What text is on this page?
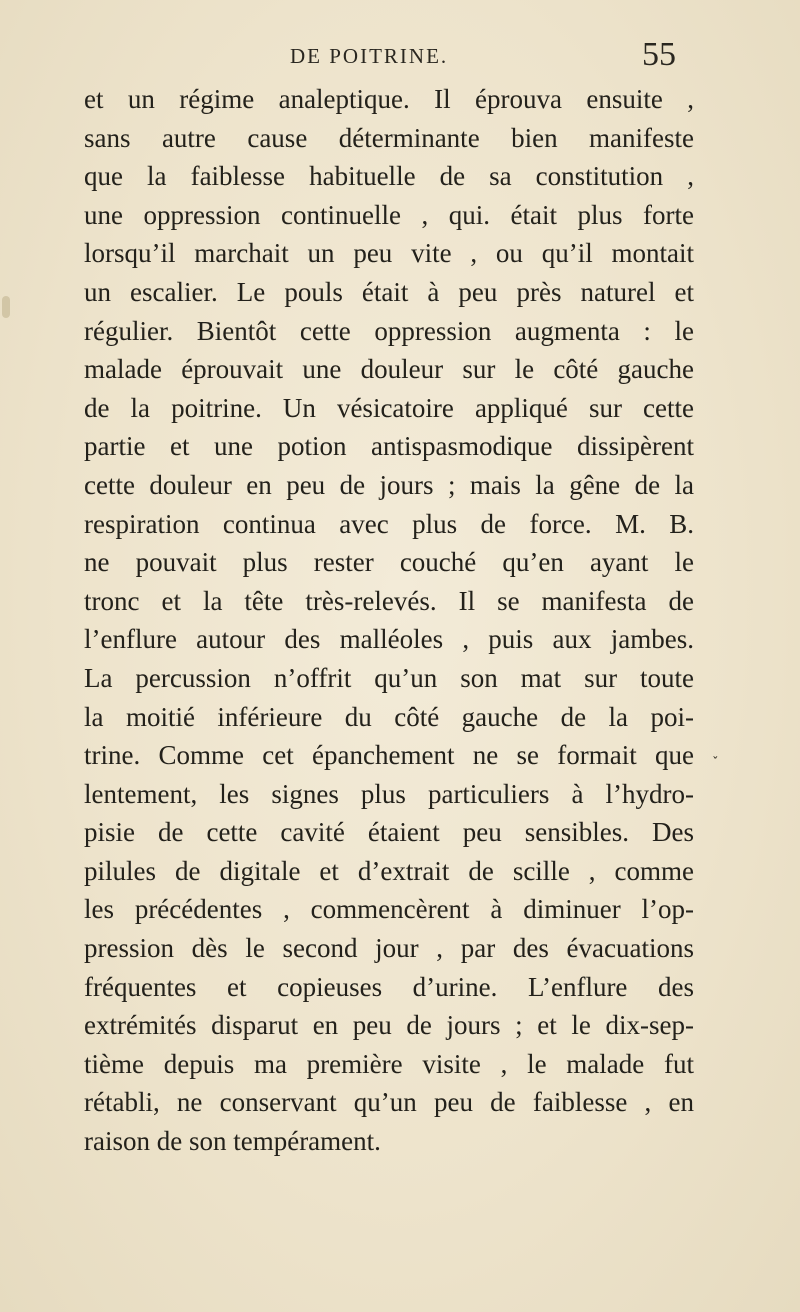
DE POITRINE.	55
˯
et un régime analeptique. Il éprouva ensuite ,
sans autre cause déterminante bien manifeste
que la faiblesse habituelle de sa constitution ,
une oppression continuelle , qui. était plus forte
lorsqu’il marchait un peu vite , ou qu’il montait
un escalier. Le pouls était à peu près naturel et
régulier. Bientôt cette oppression augmenta : le
malade éprouvait une douleur sur le côté gauche
de la poitrine. Un vésicatoire appliqué sur cette
partie et une potion antispasmodique dissipèrent
cette douleur en peu de jours ; mais la gêne de la
respiration continua avec plus de force. M. B.
ne pouvait plus rester couché qu’en ayant le
tronc et la tête très-relevés. Il se manifesta de
l’enflure autour des malléoles , puis aux jambes.
La percussion n’offrit qu’un son mat sur toute
la moitié inférieure du côté gauche de la poi-
trine. Comme cet épanchement ne se formait que
lentement, les signes plus particuliers à l’hydro-
pisie de cette cavité étaient peu sensibles. Des
pilules de digitale et d’extrait de scille , comme
les précédentes , commencèrent à diminuer l’op-
pression dès le second jour , par des évacuations
fréquentes et copieuses d’urine. L’enflure des
extrémités disparut en peu de jours ; et le dix-sep-
tième depuis ma première visite , le malade fut
rétabli, ne conservant qu’un peu de faiblesse , en
raison de son tempérament.
